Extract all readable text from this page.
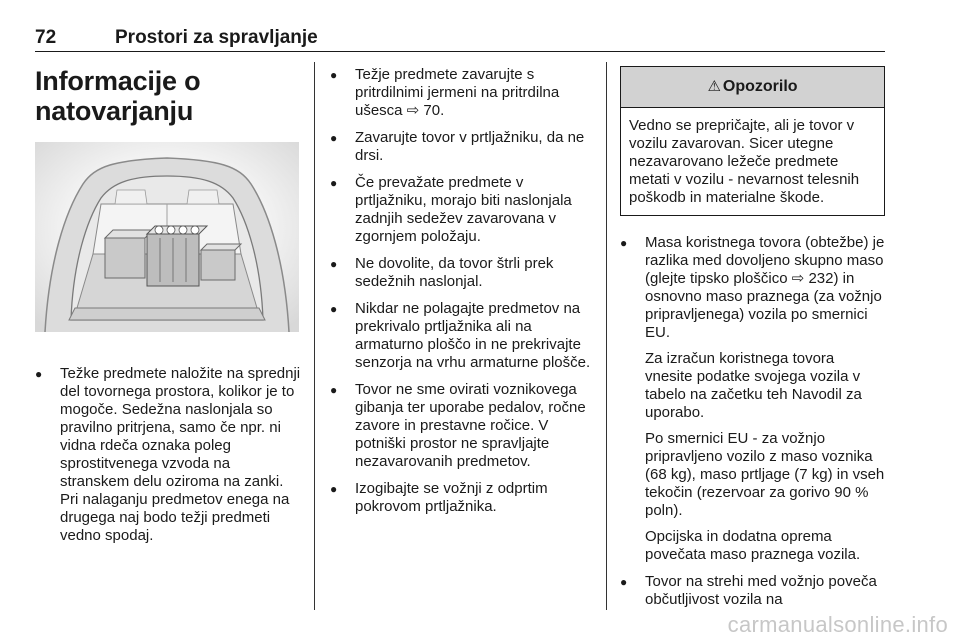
72	Prostori za spravljanje
Informacije o
natovarjanju
● Težke predmete naložite na sprednji del tovornega prostora, kolikor je to mogoče. Sedežna naslonjala so pravilno pritrjena, samo če npr. ni vidna rdeča oznaka poleg sprostitvenega vzvoda na stranskem delu oziroma na zanki. Pri nalaganju predmetov enega na drugega naj bodo težji predmeti vedno spodaj.
● Težje predmete zavarujte s pritrdilnimi jermeni na pritrdilna ušesca ⇨ 70.
● Zavarujte tovor v prtljažniku, da ne drsi.
● Če prevažate predmete v prtljažniku, morajo biti naslonjala zadnjih sedežev zavarovana v zgornjem položaju.
● Ne dovolite, da tovor štrli prek sedežnih naslonjal.
● Nikdar ne polagajte predmetov na prekrivalo prtljažnika ali na armaturno ploščo in ne prekrivajte senzorja na vrhu armaturne plošče.
● Tovor ne sme ovirati voznikovega gibanja ter uporabe pedalov, ročne zavore in prestavne ročice. V potniški prostor ne spravljajte nezavarovanih predmetov.
● Izogibajte se vožnji z odprtim pokrovom prtljažnika.
⚠ Opozorilo
Vedno se prepričajte, ali je tovor v vozilu zavarovan. Sicer utegne nezavarovano ležeče predmete metati v vozilu - nevarnost telesnih poškodb in materialne škode.

● Masa koristnega tovora (obtežbe) je razlika med dovoljeno skupno maso (glejte tipsko ploščico ⇨ 232) in osnovno maso praznega (za vožnjo pripravljenega) vozila po smernici EU.

Za izračun koristnega tovora vnesite podatke svojega vozila v tabelo na začetku teh Navodil za uporabo.

Po smernici EU - za vožnjo pripravljeno vozilo z maso voznika (68 kg), maso prtljage (7 kg) in vseh tekočin (rezervoar za gorivo 90 % poln).

Opcijska in dodatna oprema povečata maso praznega vozila.

● Tovor na strehi med vožnjo poveča občutljivost vozila na
carmanualsonline.info
